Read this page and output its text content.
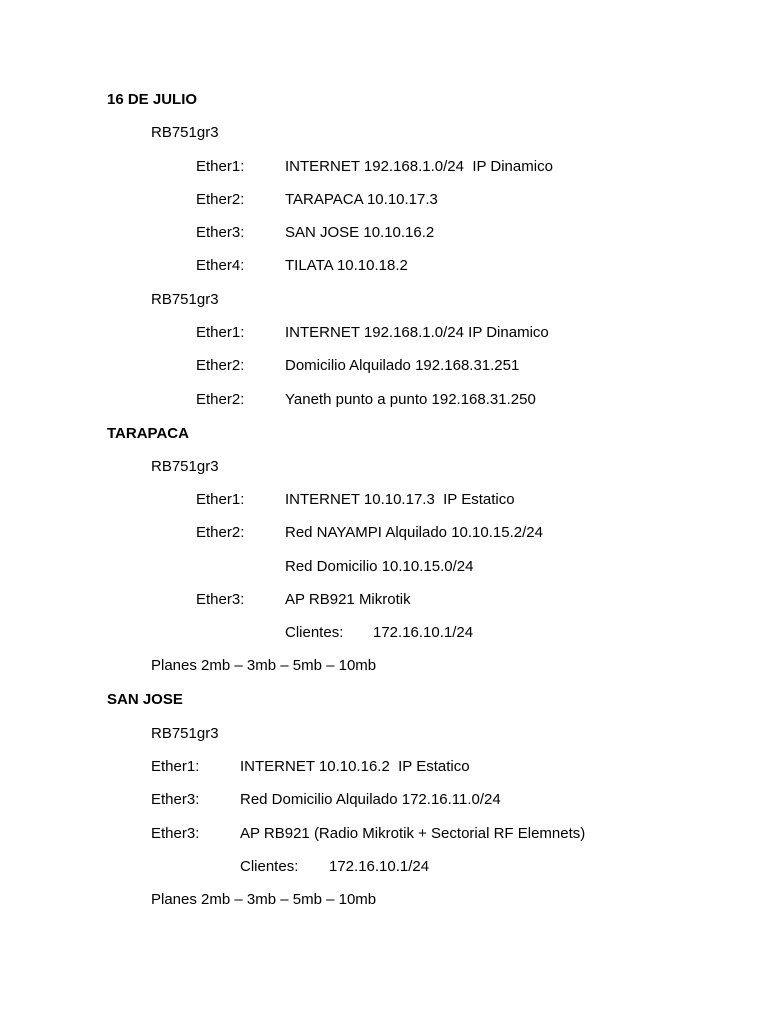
16 DE JULIO
RB751gr3
Ether1:	INTERNET 192.168.1.0/24  IP Dinamico
Ether2:	TARAPACA 10.10.17.3
Ether3:	SAN JOSE 10.10.16.2
Ether4:	TILATA 10.10.18.2
RB751gr3
Ether1:	INTERNET 192.168.1.0/24 IP Dinamico
Ether2:	Domicilio Alquilado 192.168.31.251
Ether2:	Yaneth punto a punto 192.168.31.250
TARAPACA
RB751gr3
Ether1:	INTERNET 10.10.17.3  IP Estatico
Ether2:	Red NAYAMPI Alquilado 10.10.15.2/24
Red Domicilio 10.10.15.0/24
Ether3:	AP RB921 Mikrotik
Clientes: 172.16.10.1/24
Planes 2mb – 3mb – 5mb – 10mb
SAN JOSE
RB751gr3
Ether1:	INTERNET 10.10.16.2  IP Estatico
Ether3:	Red Domicilio Alquilado 172.16.11.0/24
Ether3:	AP RB921 (Radio Mikrotik + Sectorial RF Elemnets)
Clientes: 172.16.10.1/24
Planes 2mb – 3mb – 5mb – 10mb
